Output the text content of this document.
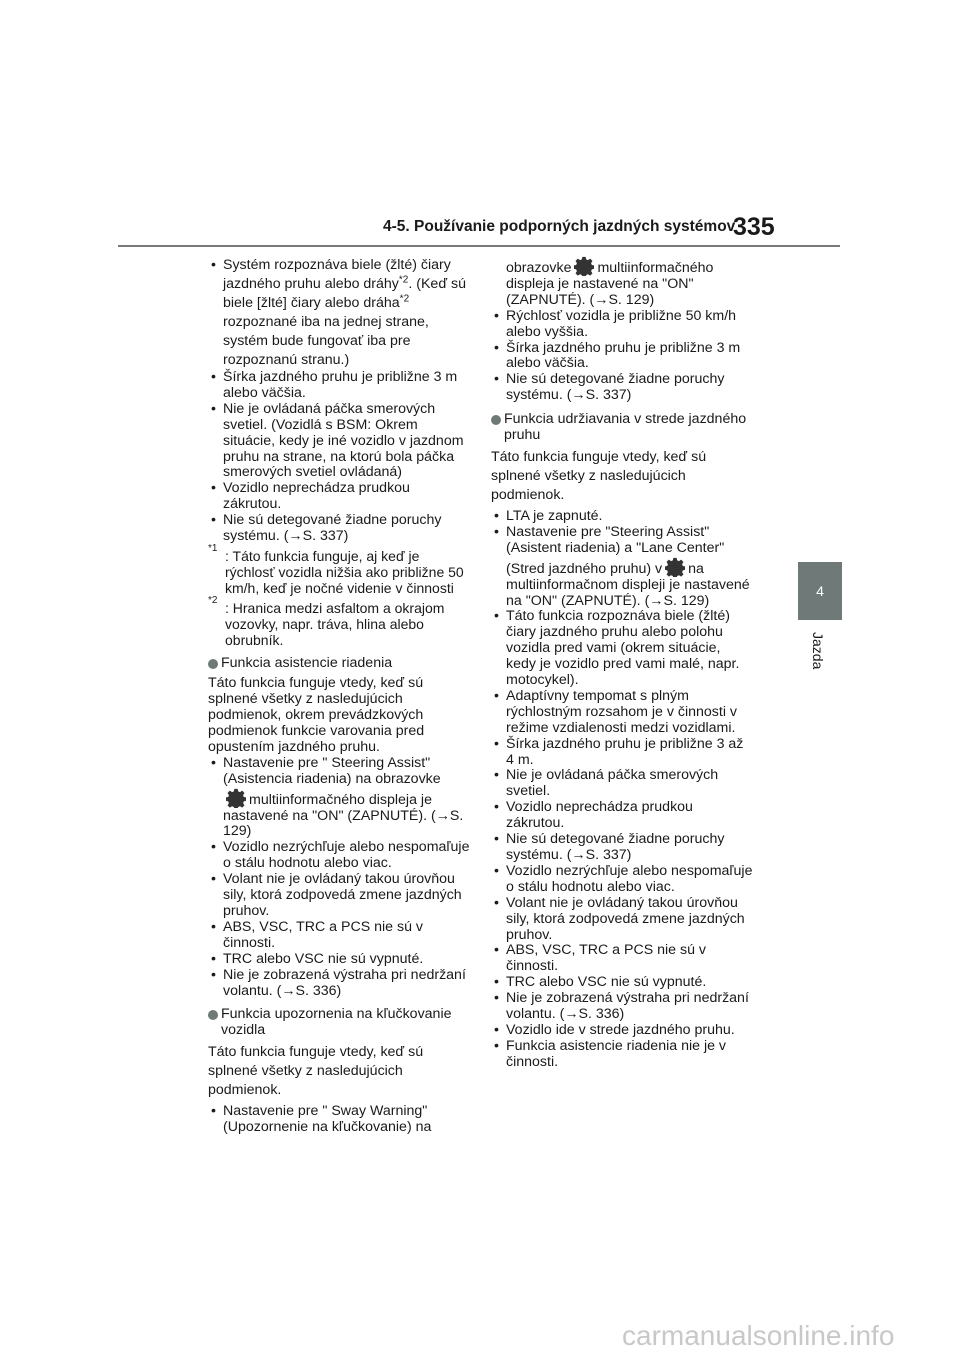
4-5. Používanie podporných jazdných systémov
335
4
Jazda

• Systém rozpoznáva biele (žlté) čiary jazdného pruhu alebo dráhy$^{*2}$. (Keď sú biele [žlté] čiary alebo dráha$^{*2}$ rozpoznané iba na jednej strane, systém bude fungovať iba pre rozpoznanú stranu.)

• Šírka jazdného pruhu je približne 3 m alebo väčšia.

• Nie je ovládaná páčka smerových svetiel. (Vozidlá s BSM: Okrem situácie, kedy je iné vozidlo v jazdnom pruhu na strane, na ktorú bola páčka smerových svetiel ovládaná)

• Vozidlo neprechádza prudkou zákrutou.

• Nie sú detegované žiadne poruchy systému. (→S. 337)

*1 : Táto funkcia funguje, aj keď je rýchlosť vozidla nižšia ako približne 50 km/h, keď je nočné videnie v činnosti

*2 : Hranica medzi asfaltom a okrajom vozovky, napr. tráva, hlina alebo obrubník.

Funkcia asistencie riadenia

Táto funkcia funguje vtedy, keď sú splnené všetky z nasledujúcich podmienok, okrem prevádzkových podmienok funkcie varovania pred opustením jazdného pruhu.

• Nastavenie pre " Steering Assist" (Asistencia riadenia) na obrazovke
multiinformačného displeja je nastavené na "ON" (ZAPNUTÉ). (→S. 129)

• Vozidlo nezrýchľuje alebo nespomaľuje o stálu hodnotu alebo viac.

• Volant nie je ovládaný takou úrovňou sily, ktorá zodpovedá zmene jazdných pruhov.

• ABS, VSC, TRC a PCS nie sú v činnosti.

• TRC alebo VSC nie sú vypnuté.

• Nie je zobrazená výstraha pri nedržaní volantu. (→S. 336)

Funkcia upozornenia na kľučkovanie vozidla

Táto funkcia funguje vtedy, keď sú splnené všetky z nasledujúcich podmienok.

• Nastavenie pre " Sway Warning" (Upozornenie na kľučkovanie) na

obrazovke multiinformačného displeja je nastavené na "ON" (ZAPNUTÉ). (→S. 129)

• Rýchlosť vozidla je približne 50 km/h alebo vyššia.

• Šírka jazdného pruhu je približne 3 m alebo väčšia.

• Nie sú detegované žiadne poruchy systému. (→S. 337)

Funkcia udržiavania v strede jazdného pruhu

Táto funkcia funguje vtedy, keď sú splnené všetky z nasledujúcich podmienok.

• LTA je zapnuté.

• Nastavenie pre "Steering Assist" (Asistent riadenia) a "Lane Center" (Stred jazdného pruhu) v na multiinformačnom displeji je nastavené na "ON" (ZAPNUTÉ). (→S. 129)

• Táto funkcia rozpoznáva biele (žlté) čiary jazdného pruhu alebo polohu vozidla pred vami (okrem situácie, kedy je vozidlo pred vami malé, napr. motocykel).

• Adaptívny tempomat s plným rýchlostným rozsahom je v činnosti v režime vzdialenosti medzi vozidlami.

• Šírka jazdného pruhu je približne 3 až 4 m.

• Nie je ovládaná páčka smerových svetiel.

• Vozidlo neprechádza prudkou zákrutou.

• Nie sú detegované žiadne poruchy systému. (→S. 337)

• Vozidlo nezrýchľuje alebo nespomaľuje o stálu hodnotu alebo viac.

• Volant nie je ovládaný takou úrovňou sily, ktorá zodpovedá zmene jazdných pruhov.

• ABS, VSC, TRC a PCS nie sú v činnosti.

• TRC alebo VSC nie sú vypnuté.

• Nie je zobrazená výstraha pri nedržaní volantu. (→S. 336)

• Vozidlo ide v strede jazdného pruhu.

• Funkcia asistencie riadenia nie je v činnosti.

carmanualsonline.info
